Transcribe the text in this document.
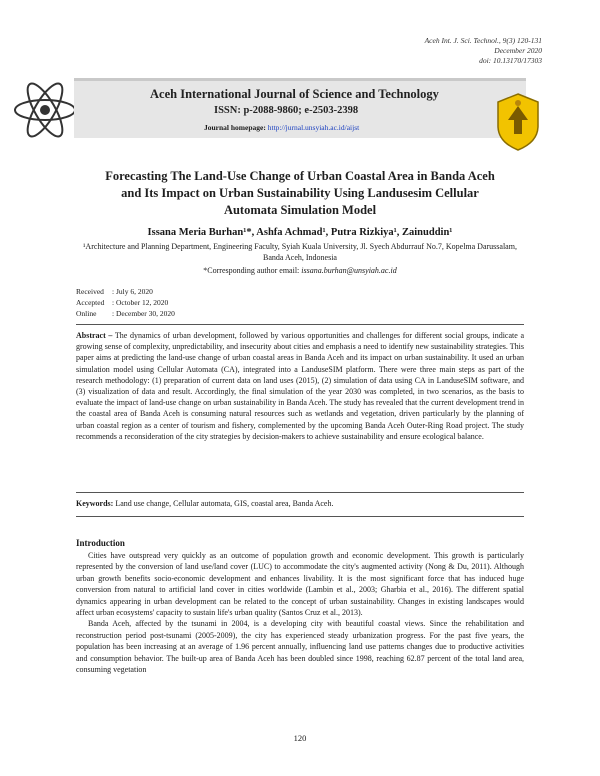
Aceh Int. J. Sci. Technol., 9(3) 120-131
December 2020
doi: 10.13170/17303
Aceh International Journal of Science and Technology
ISSN: p-2088-9860; e-2503-2398
Journal homepage: http://jurnal.unsyiah.ac.id/aijst
Forecasting The Land-Use Change of Urban Coastal Area in Banda Aceh and Its Impact on Urban Sustainability Using Landusesim Cellular Automata Simulation Model
Issana Meria Burhan¹*, Ashfa Achmad¹, Putra Rizkiya¹, Zainuddin¹
¹Architecture and Planning Department, Engineering Faculty, Syiah Kuala University, Jl. Syech Abdurrauf No.7, Kopelma Darussalam, Banda Aceh, Indonesia
*Corresponding author email: issana.burhan@unsyiah.ac.id
Received	: July 6, 2020
Accepted	: October 12, 2020
Online	: December 30, 2020
Abstract – The dynamics of urban development, followed by various opportunities and challenges for different social groups, indicate a growing sense of complexity, unpredictability, and insecurity about cities and emphasis a need to identify new sustainability strategies. This paper aims at predicting the land-use change of urban coastal areas in Banda Aceh and its impact on urban sustainability. It used an urban simulation model using Cellular Automata (CA), integrated into a LanduseSIM platform. There were three main steps as part of the research methodology: (1) preparation of current data on land uses (2015), (2) simulation of data using CA in LanduseSIM software, and (3) visualization of data and result. Accordingly, the final simulation of the year 2030 was completed, in two scenarios, as the basis to evaluate the impact of land-use change on urban sustainability in Banda Aceh. The study has revealed that the current development trend in the coastal area of Banda Aceh is consuming natural resources such as wetlands and vegetation, driven particularly by the planning of urban coastal region as a center of tourism and fishery, complemented by the upcoming Banda Aceh Outer-Ring Road project. The study recommends a reconsideration of the city strategies by decision-makers to achieve sustainability and ensure ecological balance.
Keywords: Land use change, Cellular automata, GIS, coastal area, Banda Aceh.
Introduction

Cities have outspread very quickly as an outcome of population growth and economic development. This growth is particularly represented by the conversion of land use/land cover (LUC) to accommodate the city's augmented activity (Nong & Du, 2011). Although urban growth benefits socio-economic development and enhances livability. It is the most significant force that has induced huge conversion from natural to artificial land cover in cities worldwide (Lambin et al., 2003; Gharbia et al., 2016). The different spatial dynamics appearing in urban development can be related to the concept of urban sustainability. Changes in existing landscapes would affect urban ecosystems' capacity to sustain life's urban quality (Santos Cruz et al., 2013).

Banda Aceh, affected by the tsunami in 2004, is a developing city with beautiful coastal views. Since the rehabilitation and reconstruction period post-tsunami (2005-2009), the city has experienced steady urbanization progress. For the past five years, the population has been increasing at an average of 1.96 percent annually, influencing land use patterns changes due to productive activities and consumption behavior. The built-up area of Banda Aceh has been doubled since 1998, reaching 62.87 percent of the total land area, consuming vegetation

120
